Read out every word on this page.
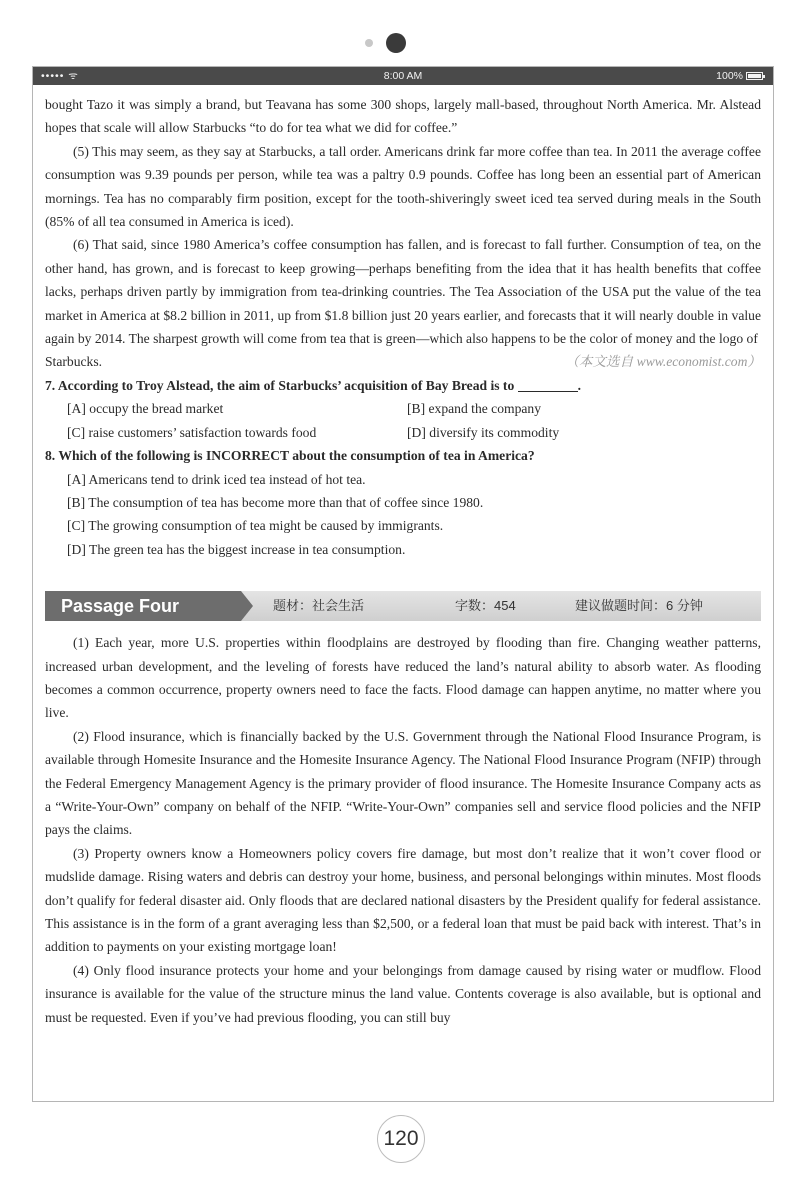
••••• ᯤ	8:00 AM	100%

bought Tazo it was simply a brand, but Teavana has some 300 shops, largely mall-based, throughout North America. Mr. Alstead hopes that scale will allow Starbucks “to do for tea what we did for coffee.”

(5) This may seem, as they say at Starbucks, a tall order. Americans drink far more coffee than tea. In 2011 the average coffee consumption was 9.39 pounds per person, while tea was a paltry 0.9 pounds. Coffee has long been an essential part of American mornings. Tea has no comparably firm position, except for the tooth-shiveringly sweet iced tea served during meals in the South (85% of all tea consumed in America is iced).

(6) That said, since 1980 America’s coffee consumption has fallen, and is forecast to fall further. Consumption of tea, on the other hand, has grown, and is forecast to keep growing—perhaps benefiting from the idea that it has health benefits that coffee lacks, perhaps driven partly by immigration from tea-drinking countries. The Tea Association of the USA put the value of the tea market in America at $8.2 billion in 2011, up from $1.8 billion just 20 years earlier, and forecasts that it will nearly double in value again by 2014. The sharpest growth will come from tea that is green—which also happens to be the color of money and the logo of

Starbucks.	（本文选自 www.economist.com）

7. According to Troy Alstead, the aim of Starbucks’ acquisition of Bay Bread is to	.

[A] occupy the bread market	[B] expand the company
[C] raise customers’ satisfaction towards food	[D] diversify its commodity

8. Which of the following is INCORRECT about the consumption of tea in America?

[A] Americans tend to drink iced tea instead of hot tea.
[B] The consumption of tea has become more than that of coffee since 1980.
[C] The growing consumption of tea might be caused by immigrants.
[D] The green tea has the biggest increase in tea consumption.
Passage Four	题材：社会生活	字数：454	建议做题时间：6 分钟

(1) Each year, more U.S. properties within floodplains are destroyed by flooding than fire. Changing weather patterns, increased urban development, and the leveling of forests have reduced the land’s natural ability to absorb water. As flooding becomes a common occurrence, property owners need to face the facts. Flood damage can happen anytime, no matter where you live.

(2) Flood insurance, which is financially backed by the U.S. Government through the National Flood Insurance Program, is available through Homesite Insurance and the Homesite Insurance Agency. The National Flood Insurance Program (NFIP) through the Federal Emergency Management Agency is the primary provider of flood insurance. The Homesite Insurance Company acts as a “Write-Your-Own” company on behalf of the NFIP. “Write-Your-Own” companies sell and service flood policies and the NFIP pays the claims.

(3) Property owners know a Homeowners policy covers fire damage, but most don’t realize that it won’t cover flood or mudslide damage. Rising waters and debris can destroy your home, business, and personal belongings within minutes. Most floods don’t qualify for federal disaster aid. Only floods that are declared national disasters by the President qualify for federal assistance. This assistance is in the form of a grant averaging less than $2,500, or a federal loan that must be paid back with interest. That’s in addition to payments on your existing mortgage loan!

(4) Only flood insurance protects your home and your belongings from damage caused by rising water or mudflow. Flood insurance is available for the value of the structure minus the land value. Contents coverage is also available, but is optional and must be requested. Even if you’ve had previous flooding, you can still buy

120
